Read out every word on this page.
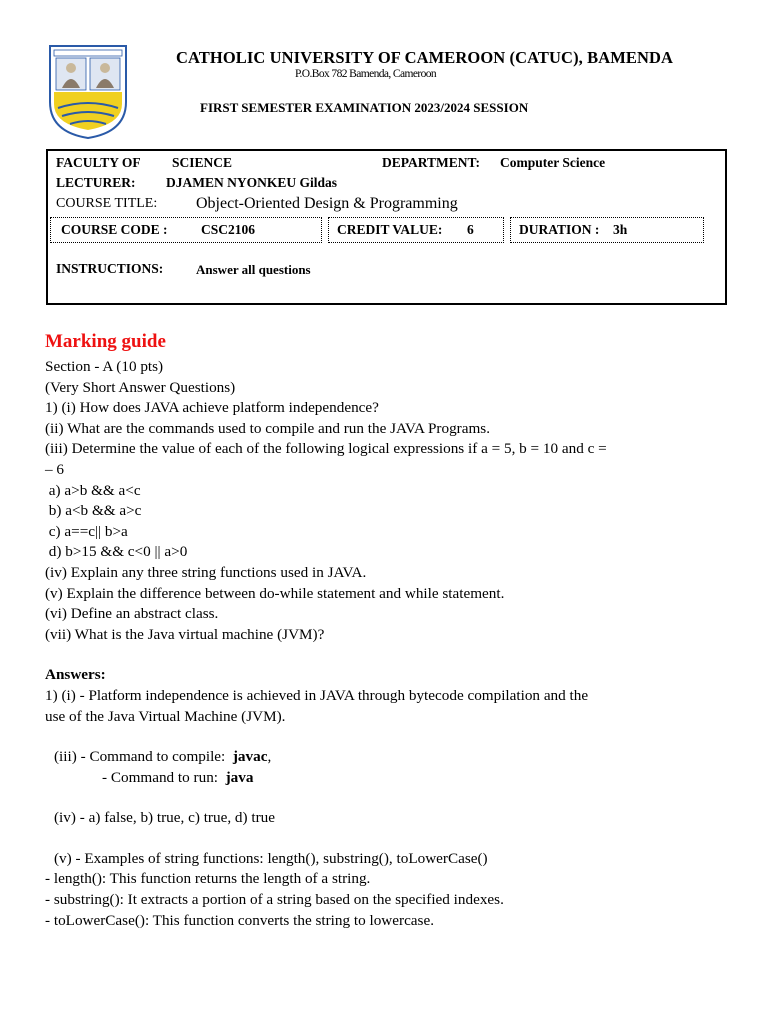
CATHOLIC UNIVERSITY OF CAMEROON (CATUC), BAMENDA
P.O.Box 782 Bamenda, Cameroon
FIRST SEMESTER EXAMINATION 2023/2024 SESSION
FACULTY OF SCIENCE	DEPARTMENT: Computer Science
LECTURER: DJAMEN NYONKEU Gildas
COURSE TITLE: Object-Oriented Design & Programming
COURSE CODE : CSC2106	CREDIT VALUE: 6	DURATION : 3h
INSTRUCTIONS:	Answer all questions
Marking guide
Section - A (10 pts)
(Very Short Answer Questions)
1) (i) How does JAVA achieve platform independence?
(ii) What are the commands used to compile and run the JAVA Programs.
(iii) Determine the value of each of the following logical expressions if a = 5, b = 10 and c =
– 6
a) a>b && a<c
b) a<b && a>c
c) a==c|| b>a
d) b>15 && c<0 || a>0
(iv) Explain any three string functions used in JAVA.
(v) Explain the difference between do-while statement and while statement.
(vi) Define an abstract class.
(vii) What is the Java virtual machine (JVM)?
Answers:
1) (i) - Platform independence is achieved in JAVA through bytecode compilation and the
use of the Java Virtual Machine (JVM).
(iii) - Command to compile:  javac,
- Command to run:  java
(iv) - a) false, b) true, c) true, d) true
(v) - Examples of string functions: length(), substring(), toLowerCase()
- length(): This function returns the length of a string.
- substring(): It extracts a portion of a string based on the specified indexes.
- toLowerCase(): This function converts the string to lowercase.
